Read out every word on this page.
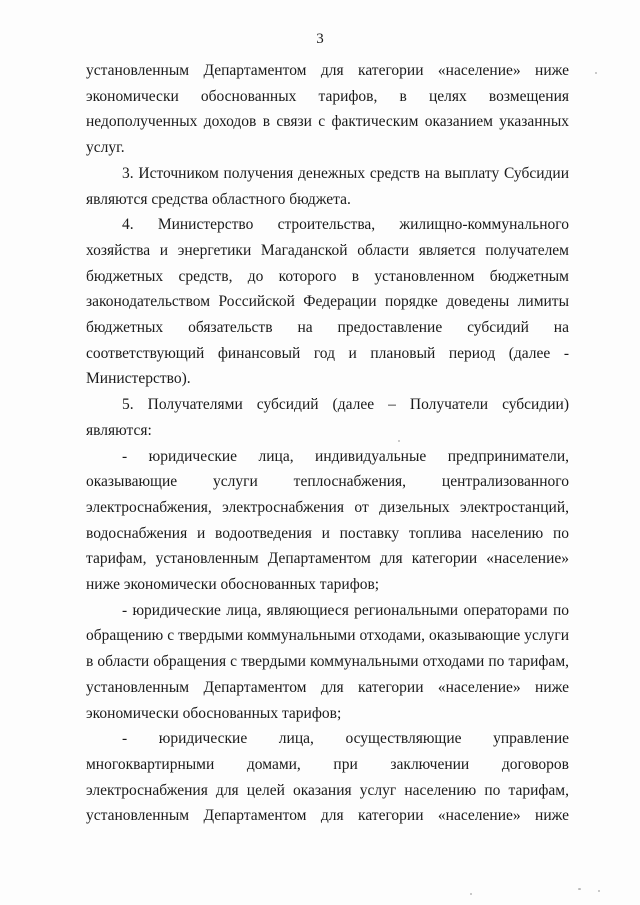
3

установленным Департаментом для категории «население» ниже экономически обоснованных тарифов, в целях возмещения недополученных доходов в связи с фактическим оказанием указанных услуг.

3. Источником получения денежных средств на выплату Субсидии являются средства областного бюджета.

4. Министерство строительства, жилищно-коммунального хозяйства и энергетики Магаданской области является получателем бюджетных средств, до которого в установленном бюджетным законодательством Российской Федерации порядке доведены лимиты бюджетных обязательств на предоставление субсидий на соответствующий финансовый год и плановый период (далее - Министерство).

5. Получателями субсидий (далее – Получатели субсидии) являются:

- юридические лица, индивидуальные предприниматели, оказывающие услуги теплоснабжения, централизованного электроснабжения, электроснабжения от дизельных электростанций, водоснабжения и водоотведения и поставку топлива населению по тарифам, установленным Департаментом для категории «население» ниже экономически обоснованных тарифов;

- юридические лица, являющиеся региональными операторами по обращению с твердыми коммунальными отходами, оказывающие услуги в области обращения с твердыми коммунальными отходами по тарифам, установленным Департаментом для категории «население» ниже экономически обоснованных тарифов;

- юридические лица, осуществляющие управление многоквартирными домами, при заключении договоров электроснабжения для целей оказания услуг населению по тарифам, установленным Департаментом для категории «население» ниже
